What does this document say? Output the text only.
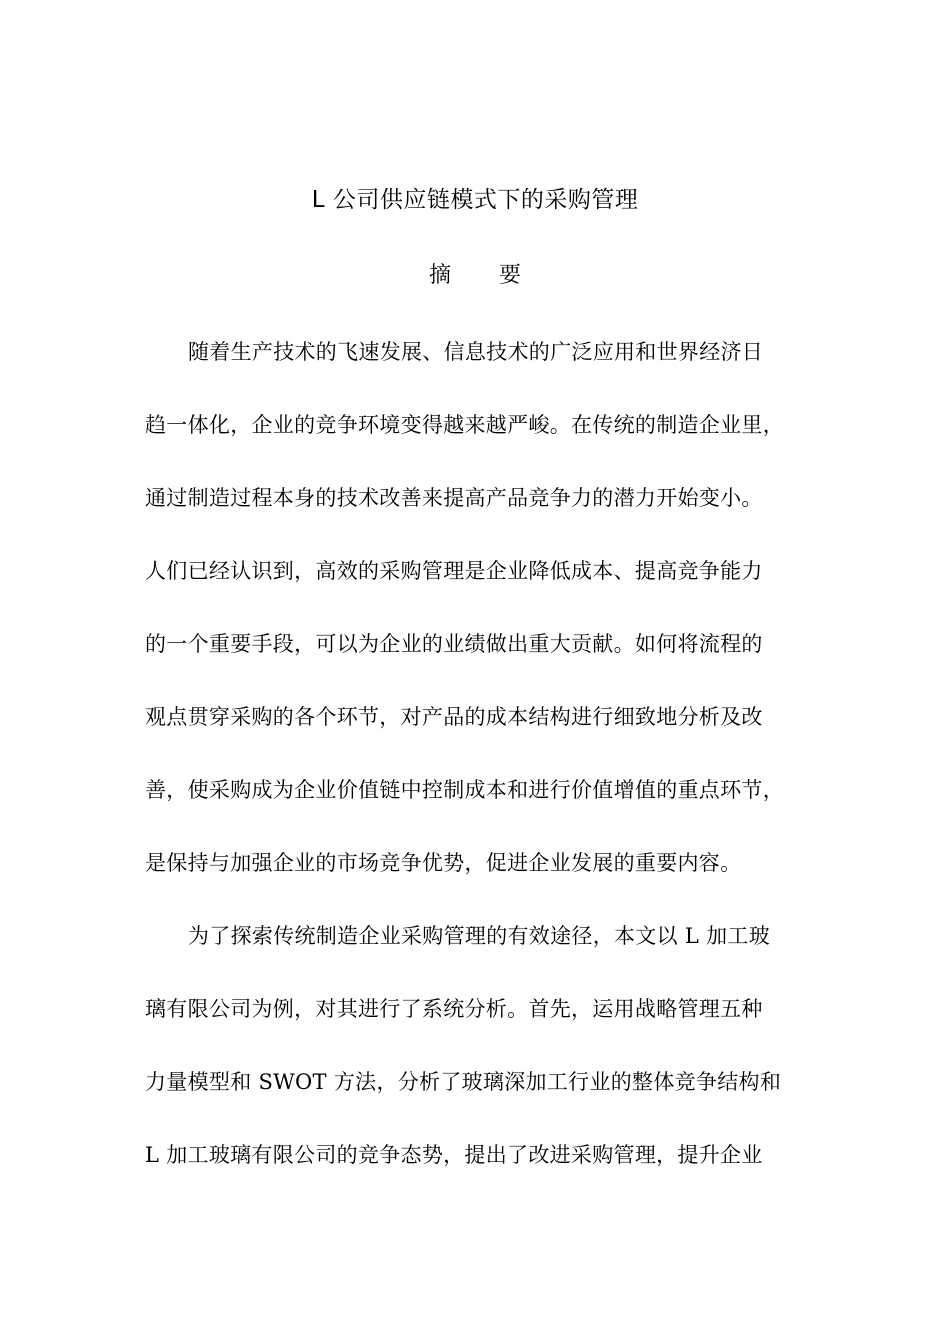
L 公司供应链模式下的采购管理
摘 要
随着生产技术的飞速发展、信息技术的广泛应用和世界经济日
趋一体化，企业的竞争环境变得越来越严峻。在传统的制造企业里，
通过制造过程本身的技术改善来提高产品竞争力的潜力开始变小。
人们已经认识到，高效的采购管理是企业降低成本、提高竞争能力
的一个重要手段，可以为企业的业绩做出重大贡献。如何将流程的
观点贯穿采购的各个环节，对产品的成本结构进行细致地分析及改
善，使采购成为企业价值链中控制成本和进行价值增值的重点环节，
是保持与加强企业的市场竞争优势，促进企业发展的重要内容。
为了探索传统制造企业采购管理的有效途径，本文以 L 加工玻
璃有限公司为例，对其进行了系统分析。首先，运用战略管理五种
力量模型和 SWOT 方法，分析了玻璃深加工行业的整体竞争结构和
L 加工玻璃有限公司的竞争态势，提出了改进采购管理，提升企业
